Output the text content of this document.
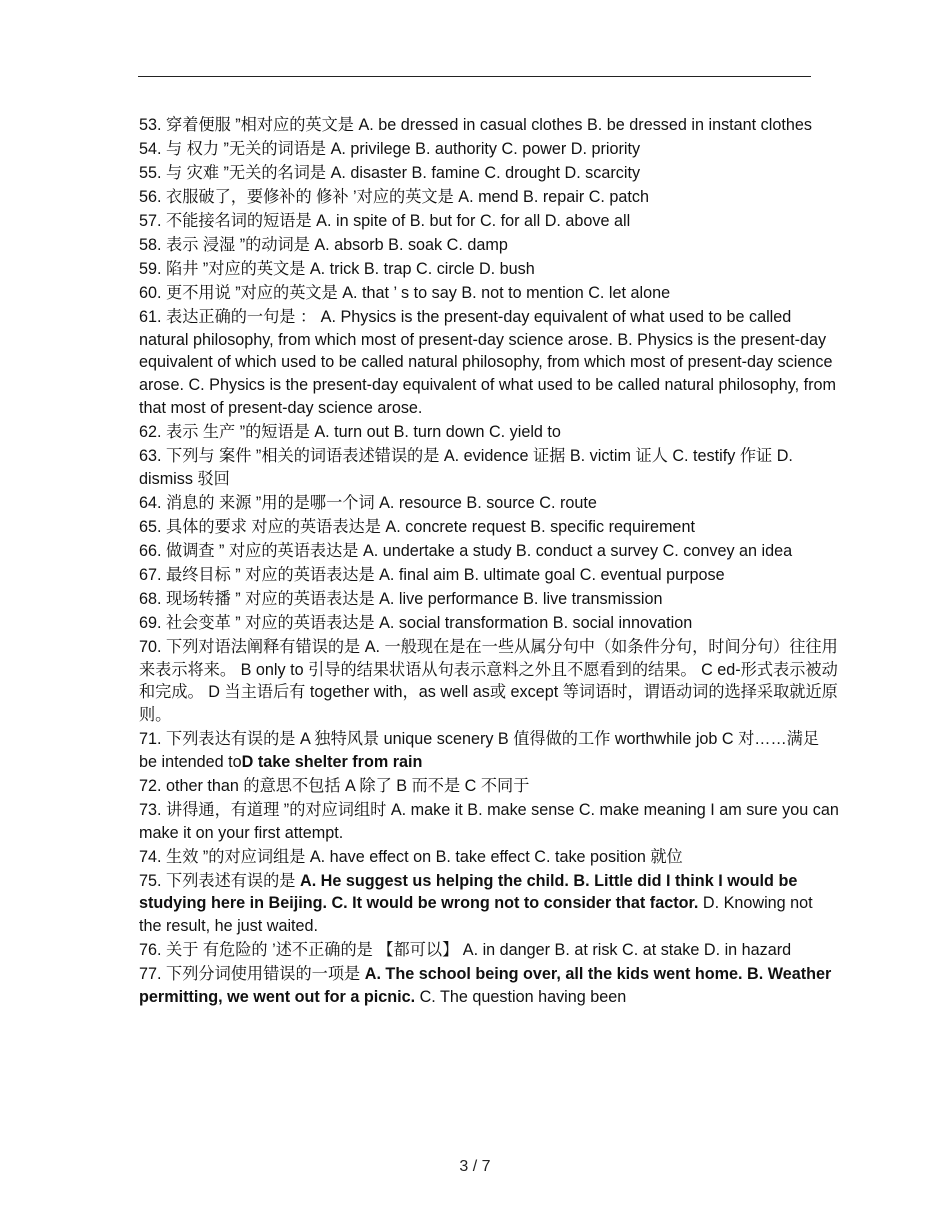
53. 穿着便服 ”相对应的英文是 A. be dressed in casual clothes B. be dressed in instant clothes
54. 与 权力 ”无关的词语是 A. privilege B. authority C. power D. priority
55. 与 灾难 ”无关的名词是 A. disaster B. famine C. drought D. scarcity
56. 衣服破了，要修补的 修补 ’对应的英文是 A. mend B. repair C. patch
57. 不能接名词的短语是 A. in spite of B. but for C. for all D. above all
58. 表示 浸湿 ”的动词是 A. absorb B. soak C. damp
59. 陷井 ”对应的英文是 A. trick B. trap C. circle D. bush
60. 更不用说 ”对应的英文是 A. that ’ s to say B. not to mention C. let alone
61. 表达正确的一句是 ： A. Physics is the present-day equivalent of what used to be called natural philosophy, from which most of present-day science arose. B. Physics is the present-day equivalent of which used to be called natural philosophy, from which most of present-day science arose. C. Physics is the present-day equivalent of what used to be called natural philosophy, from that most of present-day science arose.
62. 表示 生产 ”的短语是 A. turn out B. turn down C. yield to
63. 下列与 案件 ”相关的词语表述错误的是 A. evidence 证据 B. victim 证人 C. testify 作证 D. dismiss 驳回
64. 消息的 来源 ”用的是哪一个词 A. resource B. source C. route
65. 具体的要求 对应的英语表达是 A. concrete request B. specific requirement
66. 做调查 ” 对应的英语表达是 A. undertake a study B. conduct a survey C. convey an idea
67. 最终目标 ” 对应的英语表达是 A. final aim B. ultimate goal C. eventual purpose
68. 现场转播 ” 对应的英语表达是 A. live performance B. live transmission
69. 社会变革 ” 对应的英语表达是 A. social transformation B. social innovation
70. 下列对语法阐释有错误的是 A. 一般现在是在一些从属分句中（如条件分句，时间分句）往往用来表示将来。 B only to 引导的结果状语从句表示意料之外且不愿看到的结果。 C ed-形式表示被动和完成。 D 当主语后有 together with，as well as或 except 等词语时，谓语动词的选择采取就近原则。
71. 下列表达有误的是 A 独特风景 unique scenery B 值得做的工作 worthwhile job C 对……满足 be intended toD take shelter from rain
72. other than 的意思不包括 A 除了 B 而不是 C 不同于
73. 讲得通，有道理 ”的对应词组时 A. make it B. make sense C. make meaning I am sure you can make it on your first attempt.
74. 生效 ”的对应词组是 A. have effect on B. take effect C. take position 就位
75. 下列表述有误的是 A. He suggest us helping the child. B. Little did I think I would be studying here in Beijing. C. It would be wrong not to consider that factor. D. Knowing not the result, he just waited.
76. 关于 有危险的 ’述不正确的是 【都可以】 A. in danger B. at risk C. at stake D. in hazard
77. 下列分词使用错误的一项是 A. The school being over, all the kids went home. B. Weather permitting, we went out for a picnic. C. The question having been
3 / 7
